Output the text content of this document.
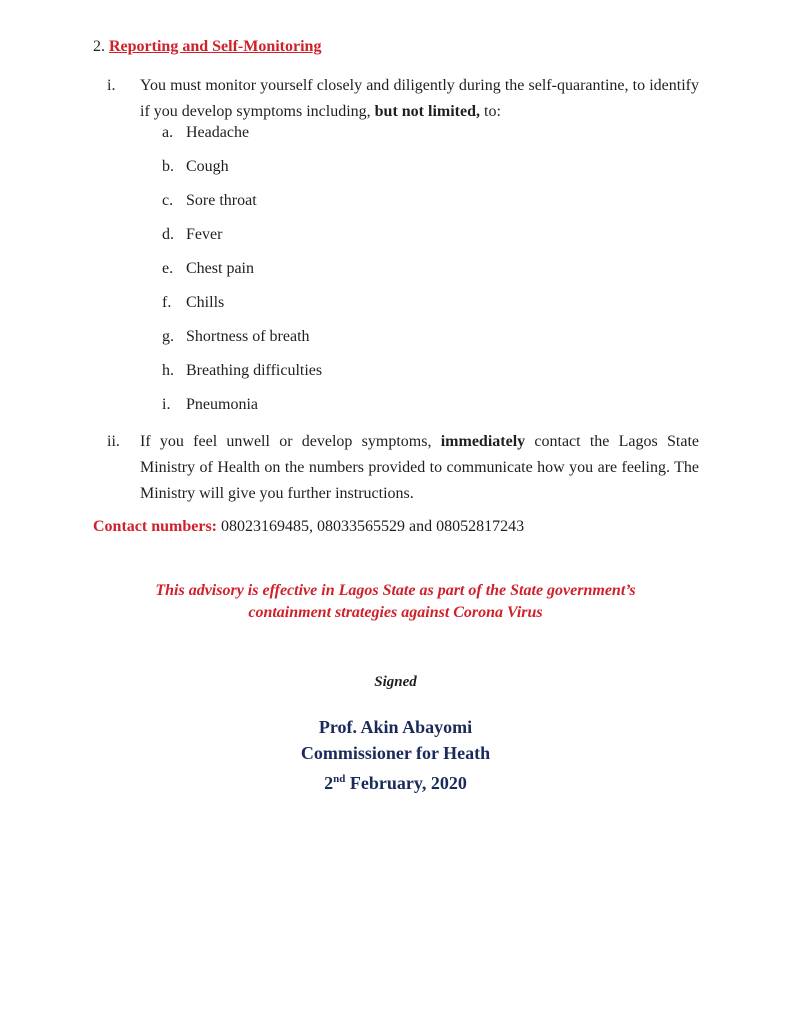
2. Reporting and Self-Monitoring
i. You must monitor yourself closely and diligently during the self-quarantine, to identify if you develop symptoms including, but not limited, to:
a. Headache
b. Cough
c. Sore throat
d. Fever
e. Chest pain
f. Chills
g. Shortness of breath
h. Breathing difficulties
i. Pneumonia
ii. If you feel unwell or develop symptoms, immediately contact the Lagos State Ministry of Health on the numbers provided to communicate how you are feeling. The Ministry will give you further instructions.
Contact numbers: 08023169485, 08033565529 and 08052817243
This advisory is effective in Lagos State as part of the State government’s
containment strategies against Corona Virus
Signed
Prof. Akin Abayomi
Commissioner for Heath
2nd February, 2020
